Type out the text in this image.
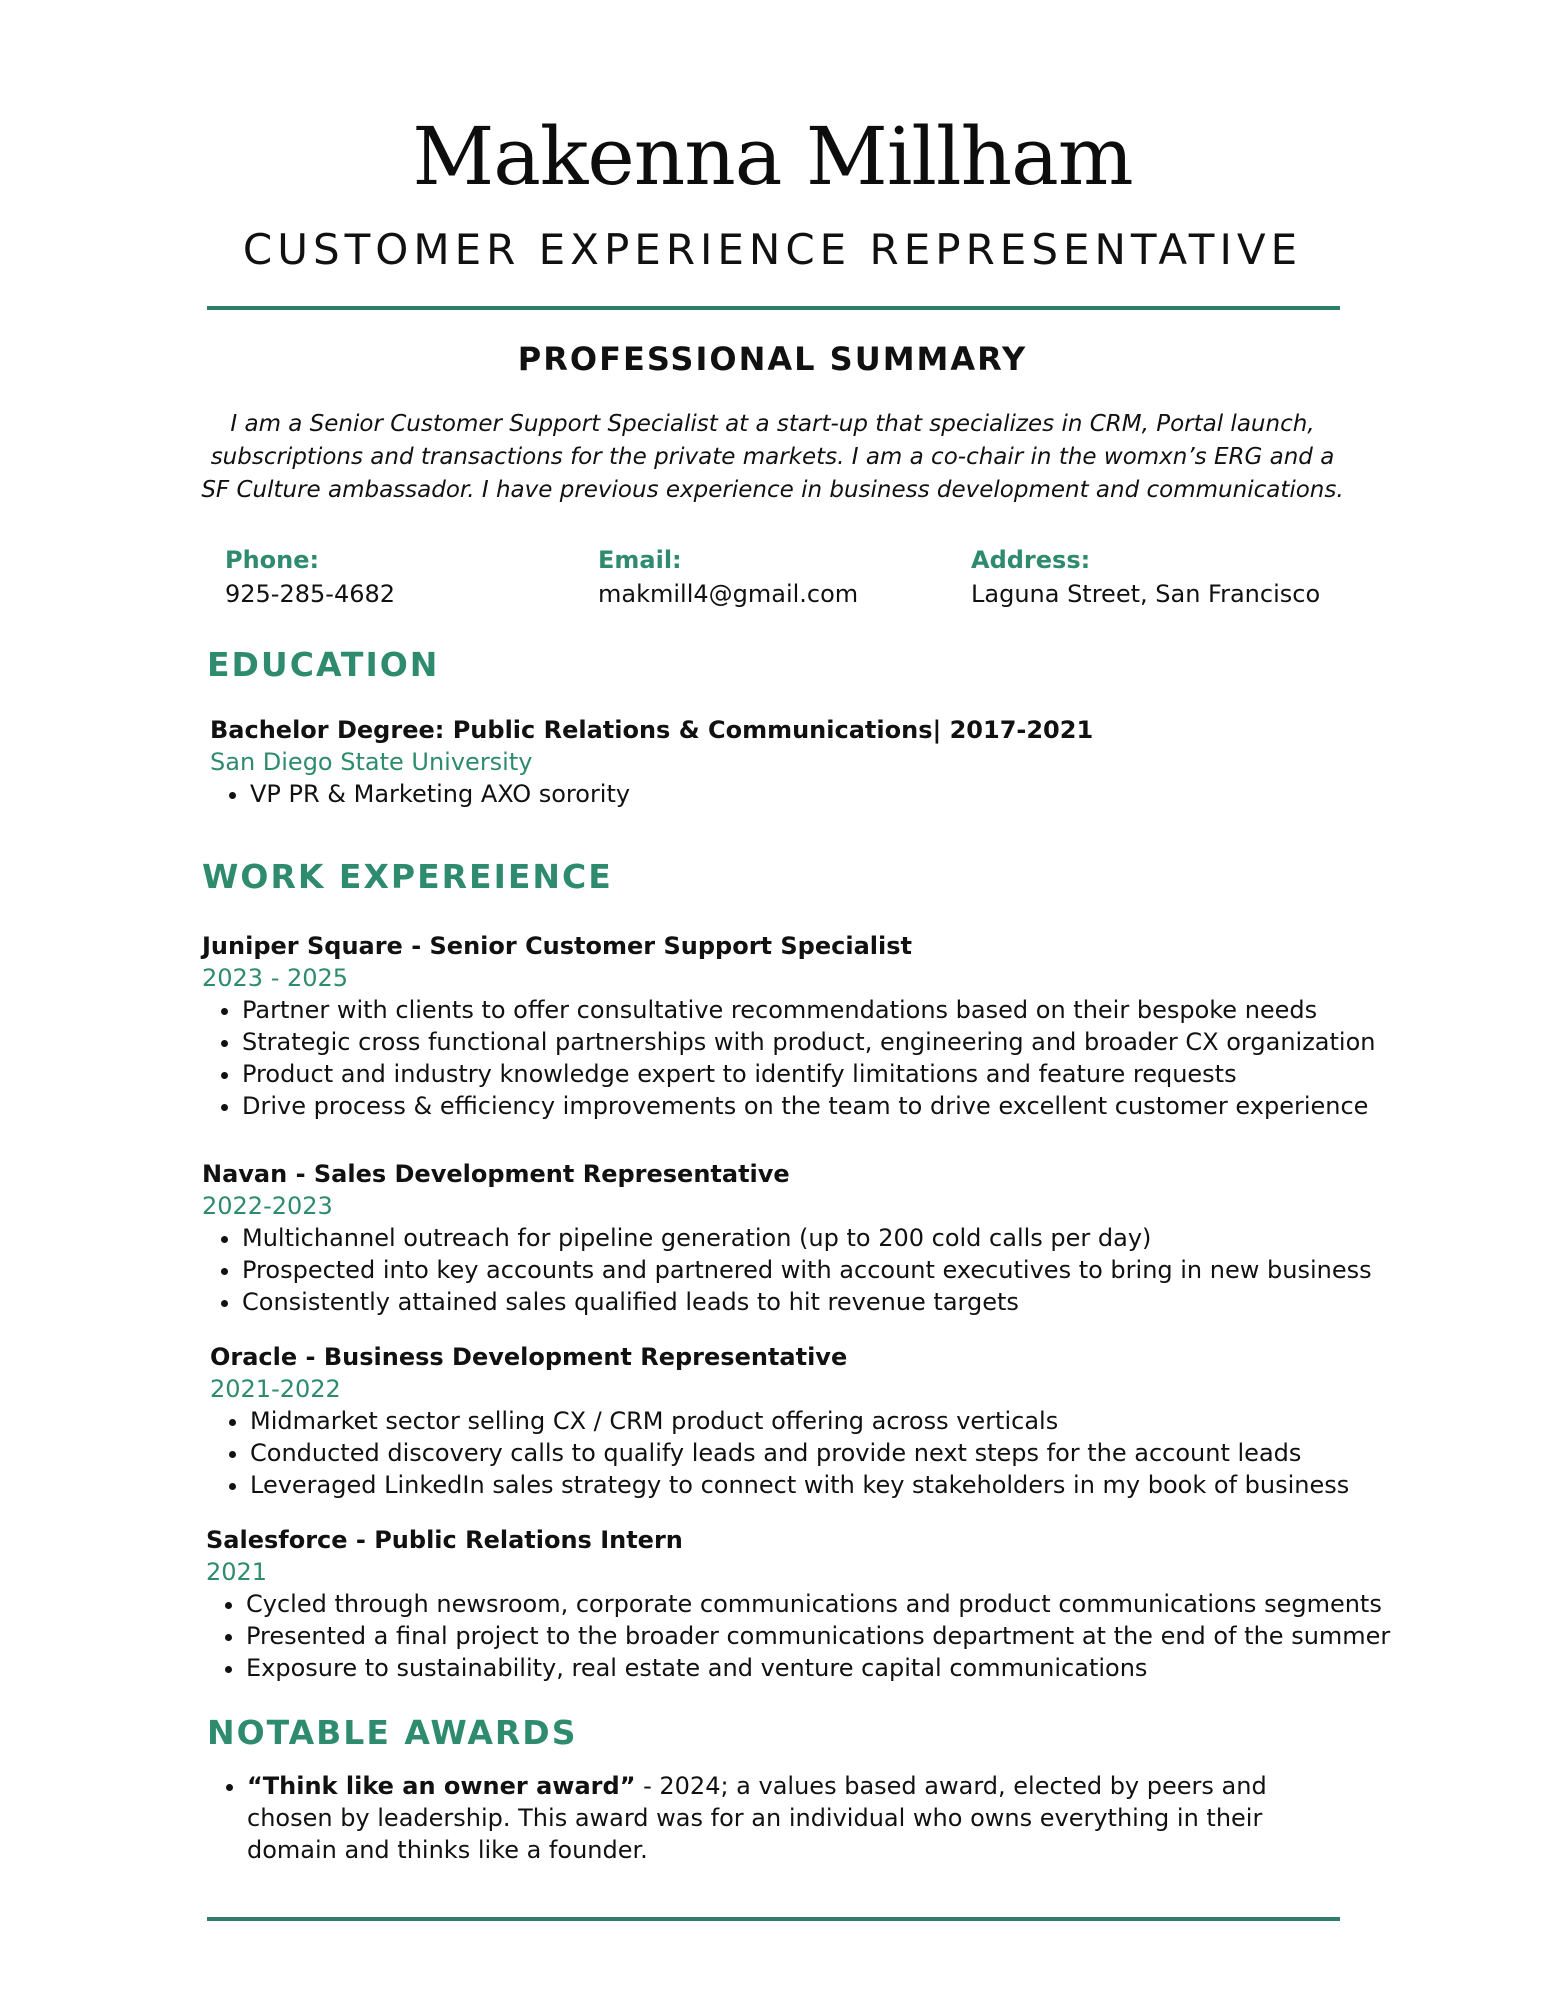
Makenna Millham
CUSTOMER EXPERIENCE REPRESENTATIVE
PROFESSIONAL SUMMARY
I am a Senior Customer Support Specialist at a start-up that specializes in CRM, Portal launch, subscriptions and transactions for the private markets. I am a co-chair in the womxn’s ERG and a SF Culture ambassador. I have previous experience in business development and communications.
Phone:
925-285-4682
Email:
makmill4@gmail.com
Address:
Laguna Street, San Francisco
EDUCATION
Bachelor Degree: Public Relations & Communications| 2017-2021
San Diego State University
• VP PR & Marketing AXO sorority
WORK EXPEREIENCE
Juniper Square - Senior Customer Support Specialist
2023 - 2025
• Partner with clients to offer consultative recommendations based on their bespoke needs
• Strategic cross functional partnerships with product, engineering and broader CX organization
• Product and industry knowledge expert to identify limitations and feature requests
• Drive process & efficiency improvements on the team to drive excellent customer experience
Navan - Sales Development Representative
2022-2023
• Multichannel outreach for pipeline generation (up to 200 cold calls per day)
• Prospected into key accounts and partnered with account executives to bring in new business
• Consistently attained sales qualified leads to hit revenue targets
Oracle - Business Development Representative
2021-2022
• Midmarket sector selling CX / CRM product offering across verticals
• Conducted discovery calls to qualify leads and provide next steps for the account leads
• Leveraged LinkedIn sales strategy to connect with key stakeholders in my book of business
Salesforce - Public Relations Intern
2021
• Cycled through newsroom, corporate communications and product communications segments
• Presented a final project to the broader communications department at the end of the summer
• Exposure to sustainability, real estate and venture capital communications
NOTABLE AWARDS
• “Think like an owner award” - 2024; a values based award, elected by peers and chosen by leadership. This award was for an individual who owns everything in their domain and thinks like a founder.
